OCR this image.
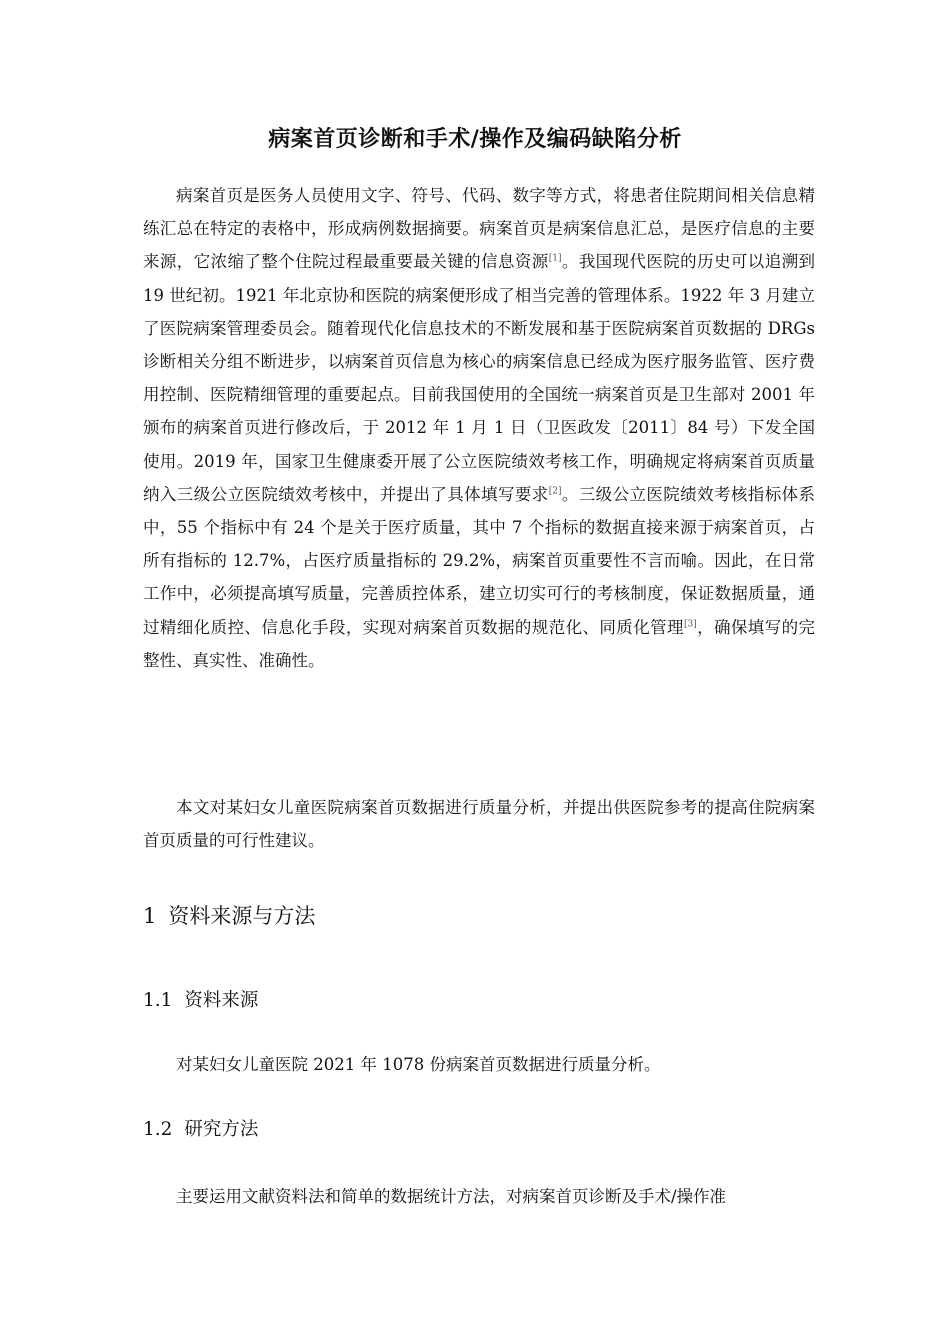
病案首页诊断和手术/操作及编码缺陷分析

病案首页是医务人员使用文字、符号、代码、数字等方式，将患者住院期间相关信息精练汇总在特定的表格中，形成病例数据摘要。病案首页是病案信息汇总，是医疗信息的主要来源，它浓缩了整个住院过程最重要最关键的信息资源[1]。我国现代医院的历史可以追溯到 19 世纪初。1921 年北京协和医院的病案便形成了相当完善的管理体系。1922 年 3 月建立了医院病案管理委员会。随着现代化信息技术的不断发展和基于医院病案首页数据的 DRGs 诊断相关分组不断进步，以病案首页信息为核心的病案信息已经成为医疗服务监管、医疗费用控制、医院精细管理的重要起点。目前我国使用的全国统一病案首页是卫生部对 2001 年颁布的病案首页进行修改后，于 2012 年 1 月 1 日（卫医政发〔2011〕84 号）下发全国使用。2019 年，国家卫生健康委开展了公立医院绩效考核工作，明确规定将病案首页质量纳入三级公立医院绩效考核中，并提出了具体填写要求[2]。三级公立医院绩效考核指标体系中，55 个指标中有 24 个是关于医疗质量，其中 7 个指标的数据直接来源于病案首页，占所有指标的 12.7%，占医疗质量指标的 29.2%，病案首页重要性不言而喻。因此，在日常工作中，必须提高填写质量，完善质控体系，建立切实可行的考核制度，保证数据质量，通过精细化质控、信息化手段，实现对病案首页数据的规范化、同质化管理[3]，确保填写的完整性、真实性、准确性。

本文对某妇女儿童医院病案首页数据进行质量分析，并提出供医院参考的提高住院病案首页质量的可行性建议。

1 资料来源与方法
1.1 资料来源

对某妇女儿童医院 2021 年 1078 份病案首页数据进行质量分析。

1.2 研究方法

主要运用文献资料法和简单的数据统计方法，对病案首页诊断及手术/操作准
